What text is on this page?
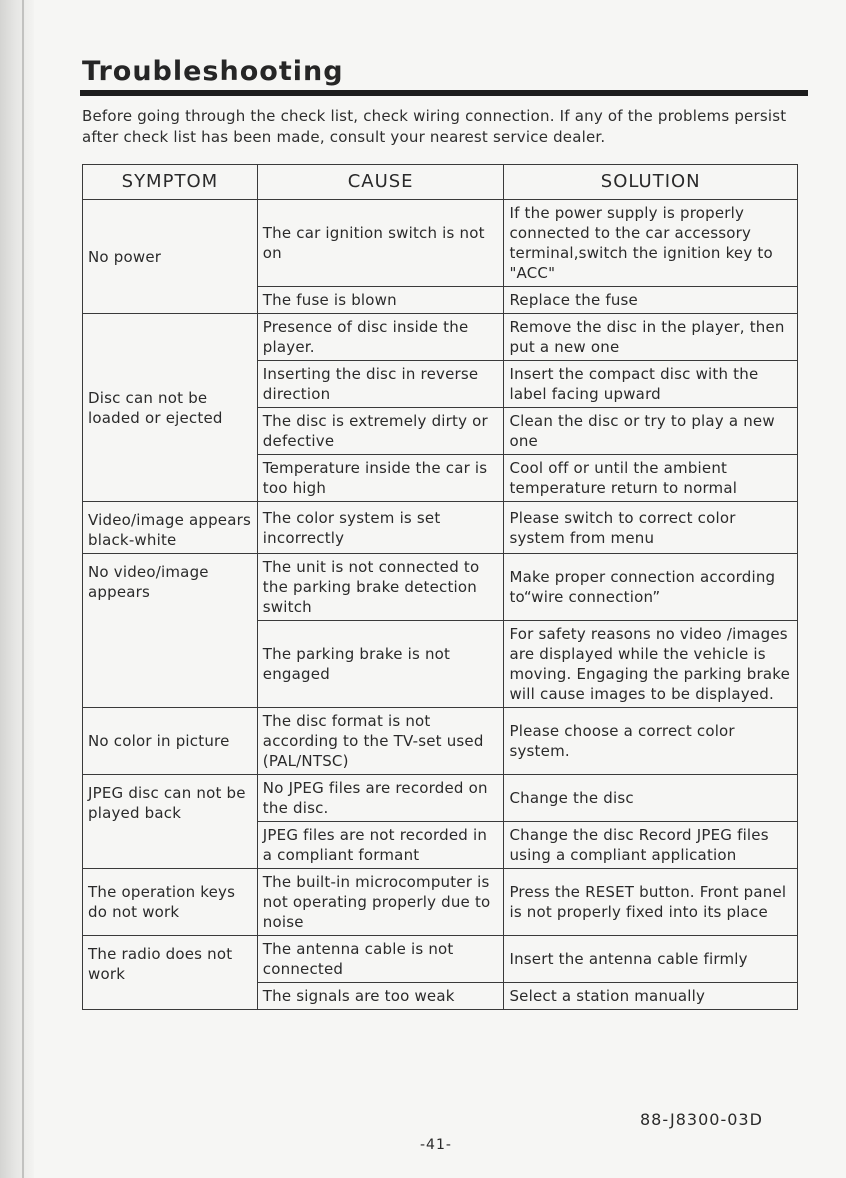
Troubleshooting
Before going through the check list, check wiring connection. If any of the problems persist after check list has been made, consult your nearest service dealer.
SYMPTOM	CAUSE	SOLUTION
No power	The car ignition switch is not on	If the power supply is properly connected to the car accessory terminal,switch the ignition key to "ACC"
	The fuse is blown	Replace the fuse
Disc can not be loaded or ejected	Presence of disc inside the player.	Remove the disc in the player, then put a new one
	Inserting the disc in reverse direction	Insert the compact disc with the label facing upward
	The disc is extremely dirty or defective	Clean the disc or try to play a new one
	Temperature inside the car is too high	Cool off or until the ambient temperature return to normal
Video/image appears black-white	The color system is set incorrectly	Please switch to correct color system from menu
No video/image appears	The unit is not connected to the parking brake detection switch	Make proper connection according to“wire connection”
	The parking brake is not engaged	For safety reasons no video /images are displayed while the vehicle is moving. Engaging the parking brake will cause images to be displayed.
No color in picture	The disc format is not according to the TV-set used (PAL/NTSC)	Please choose a correct color system.
JPEG disc can not be played back	No JPEG files are recorded on the disc.	Change the disc
	JPEG files are not recorded in a compliant formant	Change the disc Record JPEG files using a compliant application
The operation keys do not work	The built-in microcomputer is not operating properly due to noise	Press the RESET button. Front panel is not properly fixed into its place
The radio does not work	The antenna cable is not connected	Insert the antenna cable firmly
	The signals are too weak	Select a station manually
88-J8300-03D
-41-
